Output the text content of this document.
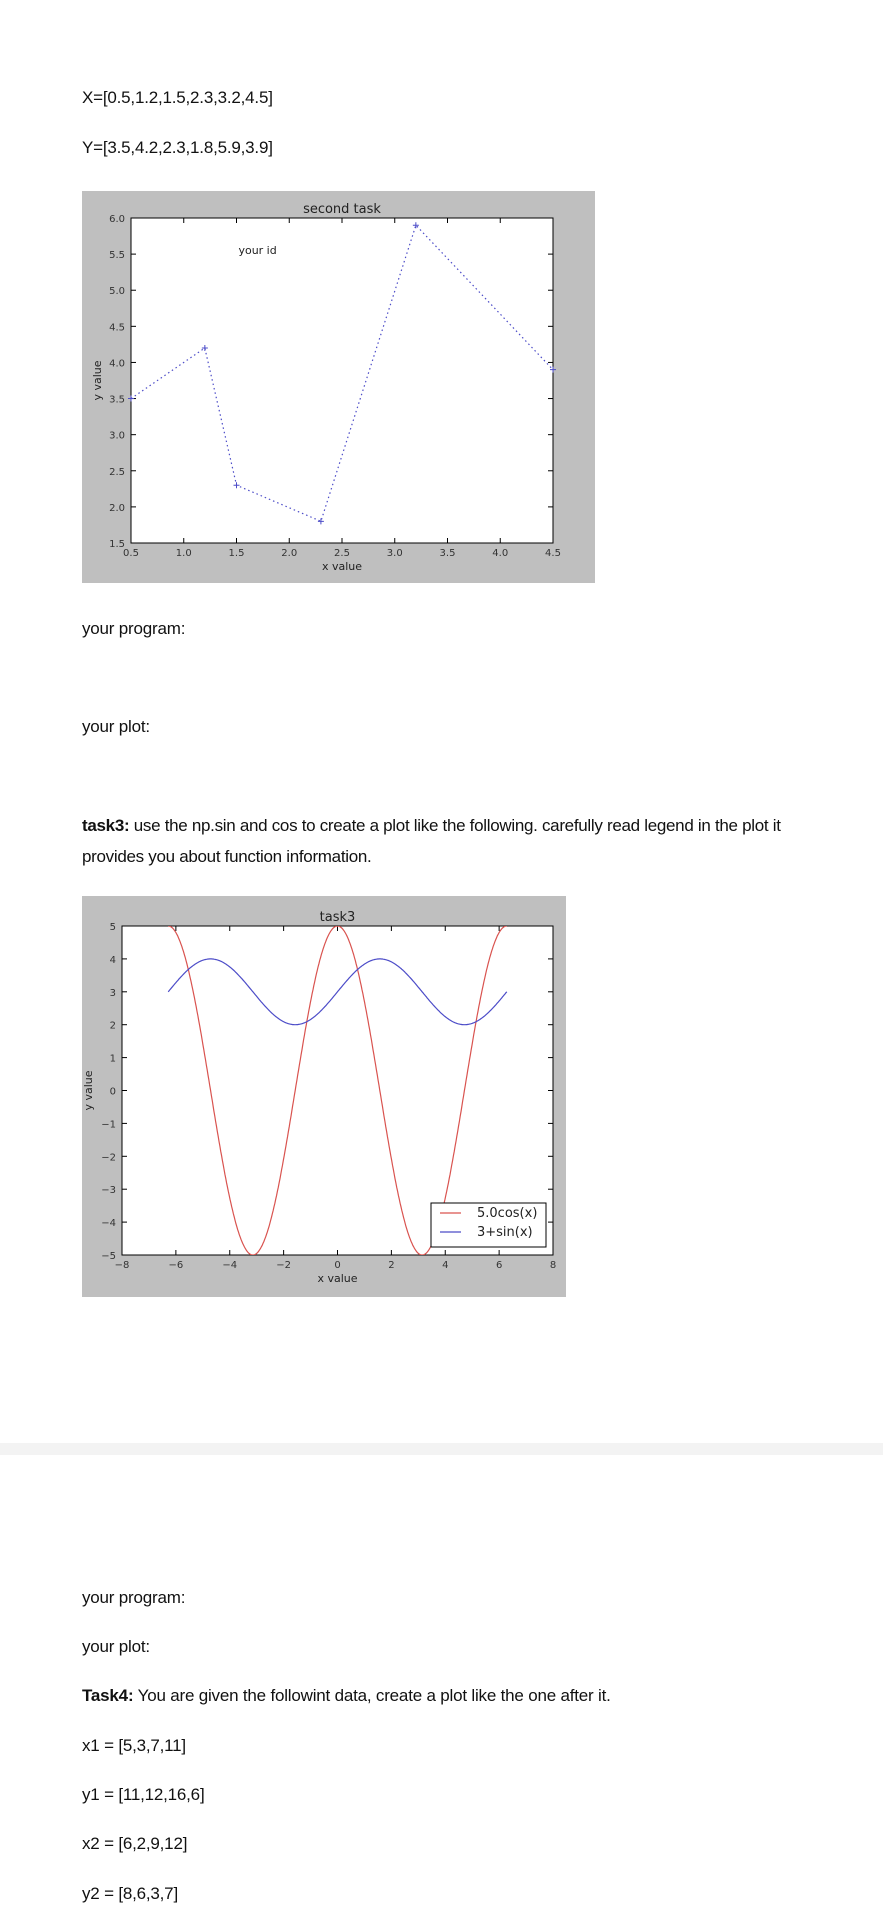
X=[0.5,1.2,1.5,2.3,3.2,4.5]
Y=[3.5,4.2,2.3,1.8,5.9,3.9]
second task
x value
y value
0.5	1.0	1.5	2.0	2.5	3.0	3.5	4.0	4.5
1.5
2.0
2.5
3.0
3.5
4.0
4.5
5.0
5.5
6.0
your id
your program:
your plot:
task3: use the np.sin and cos to create a plot like the following. carefully read legend in the plot it provides you about function information.
task3
x value
y value
−8	−6	−4	−2	0	2	4	6	8
−5
−4
−3
−2
−1
0
1
2
3
4
5
5.0cos(x)
3+sin(x)
your program:
your plot:
Task4: You are given the followint data, create a plot like the one after it.
x1 = [5,3,7,11]
y1 = [11,12,16,6]
x2 = [6,2,9,12]
y2 = [8,6,3,7]
